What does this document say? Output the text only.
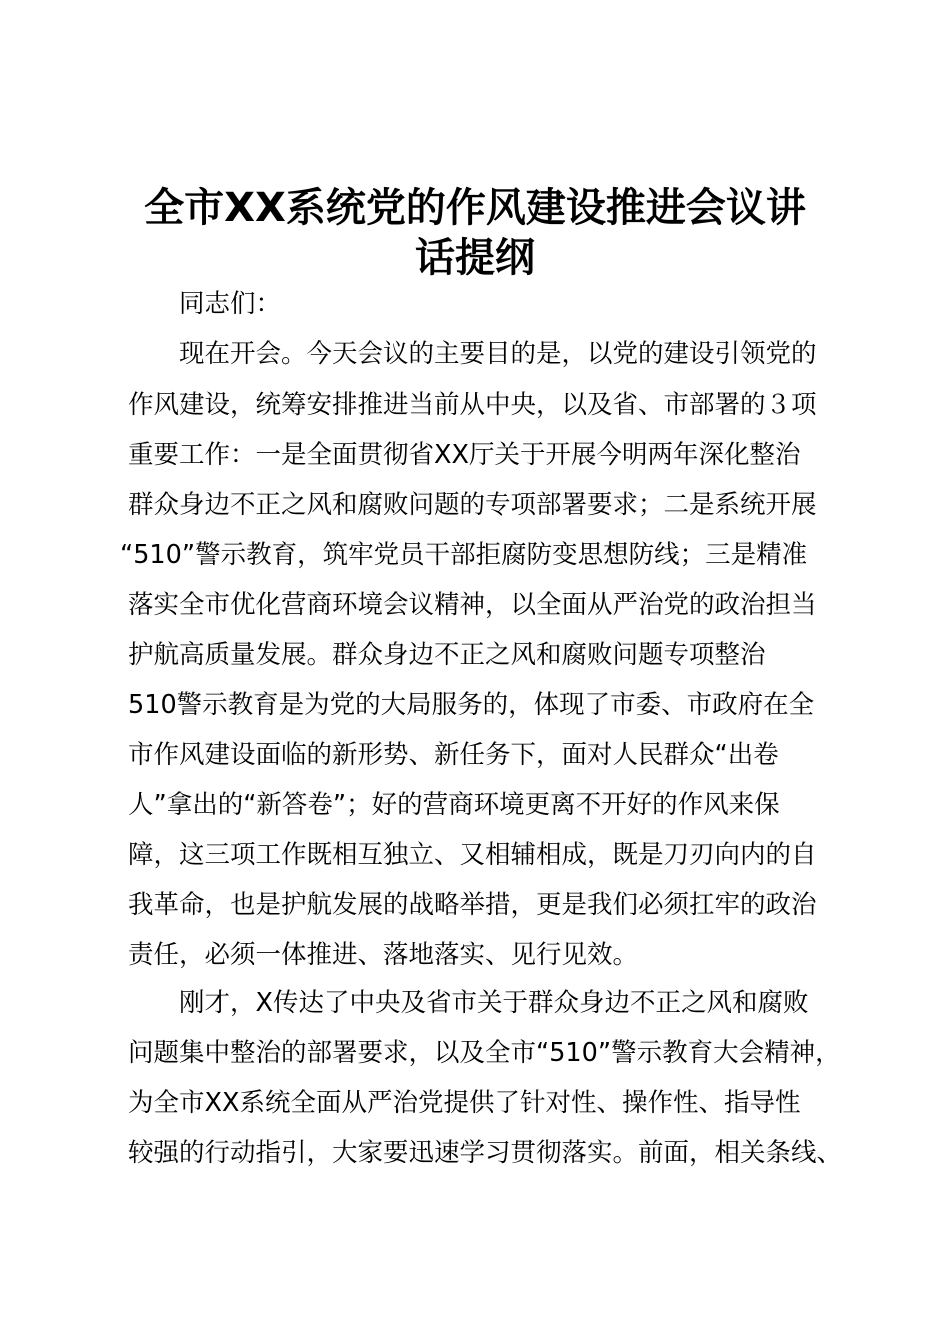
全市XX系统党的作风建设推进会议讲
话提纲

同志们：

现在开会。今天会议的主要目的是，以党的建设引领党的

作风建设，统筹安排推进当前从中央，以及省、市部署的３项

重要工作：一是全面贯彻省XX厅关于开展今明两年深化整治

群众身边不正之风和腐败问题的专项部署要求；二是系统开展

“510”警示教育，筑牢党员干部拒腐防变思想防线；三是精准

落实全市优化营商环境会议精神，以全面从严治党的政治担当

护航高质量发展。群众身边不正之风和腐败问题专项整治

510警示教育是为党的大局服务的，体现了市委、市政府在全

市作风建设面临的新形势、新任务下，面对人民群众“出卷

人”拿出的“新答卷”；好的营商环境更离不开好的作风来保

障，这三项工作既相互独立、又相辅相成，既是刀刃向内的自

我革命，也是护航发展的战略举措，更是我们必须扛牢的政治

责任，必须一体推进、落地落实、见行见效。

刚才，X传达了中央及省市关于群众身边不正之风和腐败

问题集中整治的部署要求，以及全市“510”警示教育大会精神，

为全市XX系统全面从严治党提供了针对性、操作性、指导性

较强的行动指引，大家要迅速学习贯彻落实。前面，相关条线、
